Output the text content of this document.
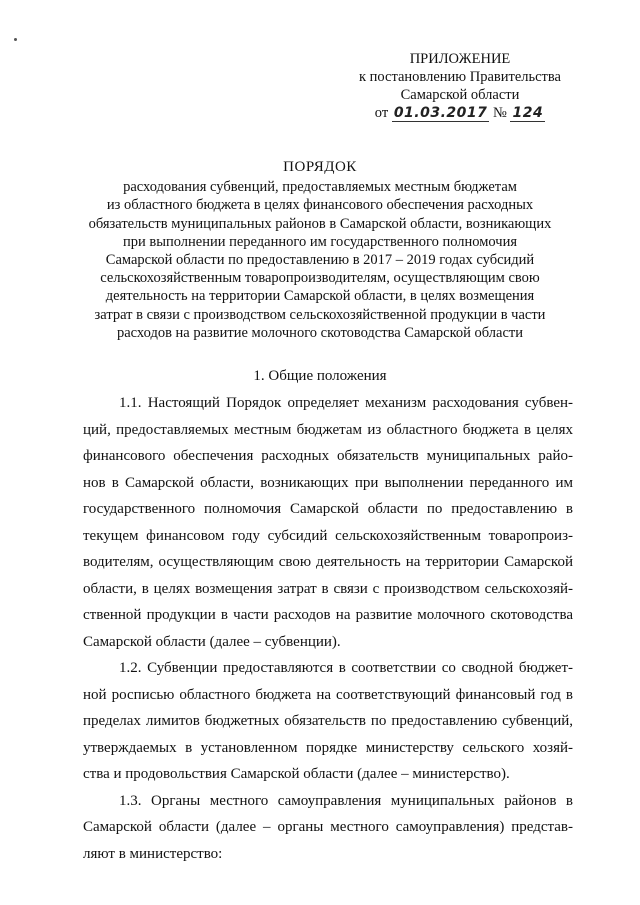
ПРИЛОЖЕНИЕ
к постановлению Правительства
Самарской области
от 01.03.2017 № 124
ПОРЯДОК
расходования субвенций, предоставляемых местным бюджетам
из областного бюджета в целях финансового обеспечения расходных
обязательств муниципальных районов в Самарской области, возникающих
при выполнении переданного им государственного полномочия
Самарской области по предоставлению в 2017 – 2019 годах субсидий
сельскохозяйственным товаропроизводителям, осуществляющим свою
деятельность на территории Самарской области, в целях возмещения
затрат в связи с производством сельскохозяйственной продукции в части
расходов на развитие молочного скотоводства Самарской области
1. Общие положения
1.1. Настоящий Порядок определяет механизм расходования субвен-
ций, предоставляемых местным бюджетам из областного бюджета в целях
финансового обеспечения расходных обязательств муниципальных райо-
нов в Самарской области, возникающих при выполнении переданного им
государственного полномочия Самарской области по предоставлению в
текущем финансовом году субсидий сельскохозяйственным товаропроиз-
водителям, осуществляющим свою деятельность на территории Самарской
области, в целях возмещения затрат в связи с производством сельскохозяй-
ственной продукции в части расходов на развитие молочного скотоводства
Самарской области (далее – субвенции).
1.2. Субвенции предоставляются в соответствии со сводной бюджет-
ной росписью областного бюджета на соответствующий финансовый год в
пределах лимитов бюджетных обязательств по предоставлению субвенций,
утверждаемых в установленном порядке министерству сельского хозяй-
ства и продовольствия Самарской области (далее – министерство).
1.3. Органы местного самоуправления муниципальных районов в
Самарской области (далее – органы местного самоуправления) представ-
ляют в министерство:
